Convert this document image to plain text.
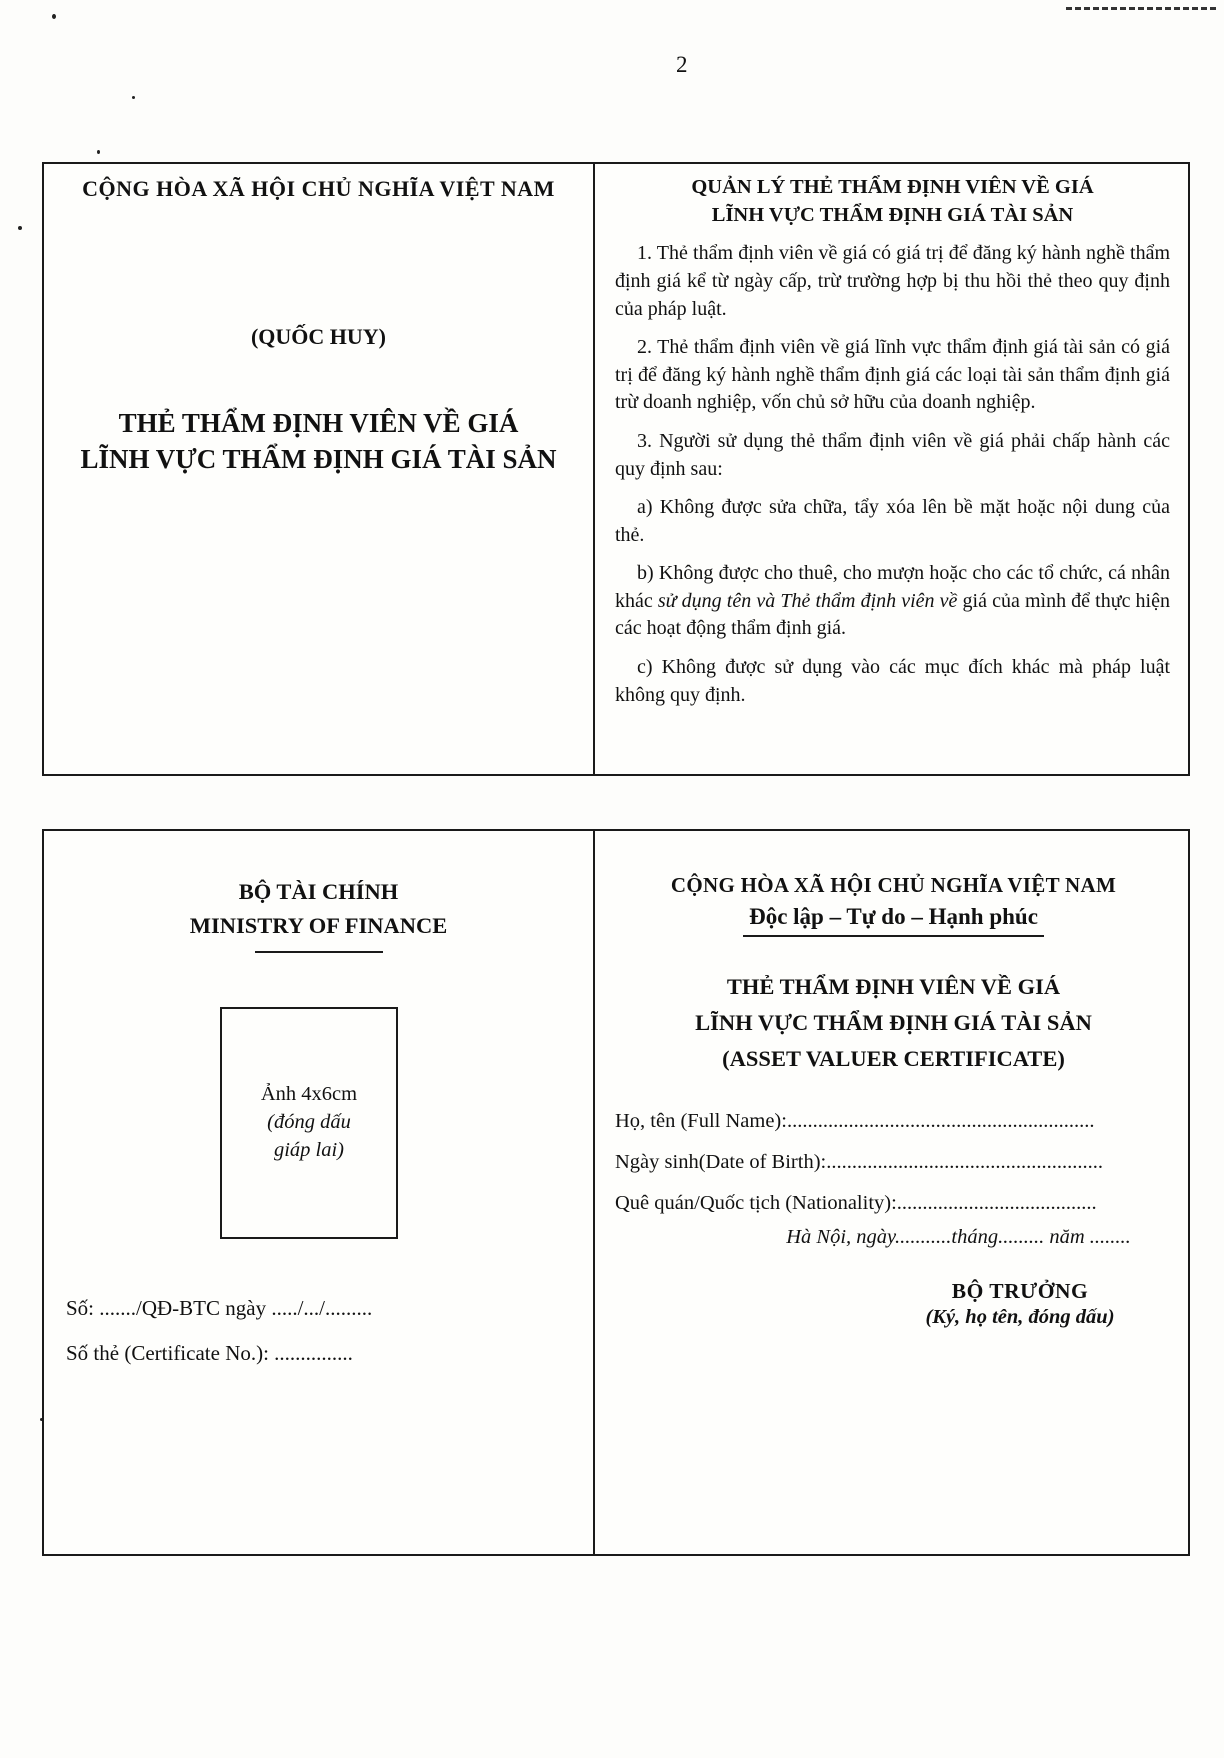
2
CỘNG HÒA XÃ HỘI CHỦ NGHĨA VIỆT NAM
(QUỐC HUY)
THẺ THẨM ĐỊNH VIÊN VỀ GIÁ
LĨNH VỰC THẨM ĐỊNH GIÁ TÀI SẢN
QUẢN LÝ THẺ THẨM ĐỊNH VIÊN VỀ GIÁ
LĨNH VỰC THẨM ĐỊNH GIÁ TÀI SẢN

1. Thẻ thẩm định viên về giá có giá trị để đăng ký hành nghề thẩm định giá kể từ ngày cấp, trừ trường hợp bị thu hồi thẻ theo quy định của pháp luật.

2. Thẻ thẩm định viên về giá lĩnh vực thẩm định giá tài sản có giá trị để đăng ký hành nghề thẩm định giá các loại tài sản thẩm định giá trừ doanh nghiệp, vốn chủ sở hữu của doanh nghiệp.

3. Người sử dụng thẻ thẩm định viên về giá phải chấp hành các quy định sau:

a) Không được sửa chữa, tẩy xóa lên bề mặt hoặc nội dung của thẻ.

b) Không được cho thuê, cho mượn hoặc cho các tổ chức, cá nhân khác sử dụng tên và Thẻ thẩm định viên về giá của mình để thực hiện các hoạt động thẩm định giá.

c) Không được sử dụng vào các mục đích khác mà pháp luật không quy định.

BỘ TÀI CHÍNH
MINISTRY OF FINANCE
Ảnh 4x6cm
(đóng dấu
giáp lai)
Số: ......./QĐ-BTC ngày ...../.../.........
Số thẻ (Certificate No.): ...............
CỘNG HÒA XÃ HỘI CHỦ NGHĨA VIỆT NAM
Độc lập – Tự do – Hạnh phúc
THẺ THẨM ĐỊNH VIÊN VỀ GIÁ
LĨNH VỰC THẨM ĐỊNH GIÁ TÀI SẢN
(ASSET VALUER CERTIFICATE)
Họ, tên (Full Name):............................................................
Ngày sinh(Date of Birth):......................................................
Quê quán/Quốc tịch (Nationality):.......................................
Hà Nội, ngày...........tháng......... năm ........
BỘ TRƯỞNG
(Ký, họ tên, đóng dấu)
